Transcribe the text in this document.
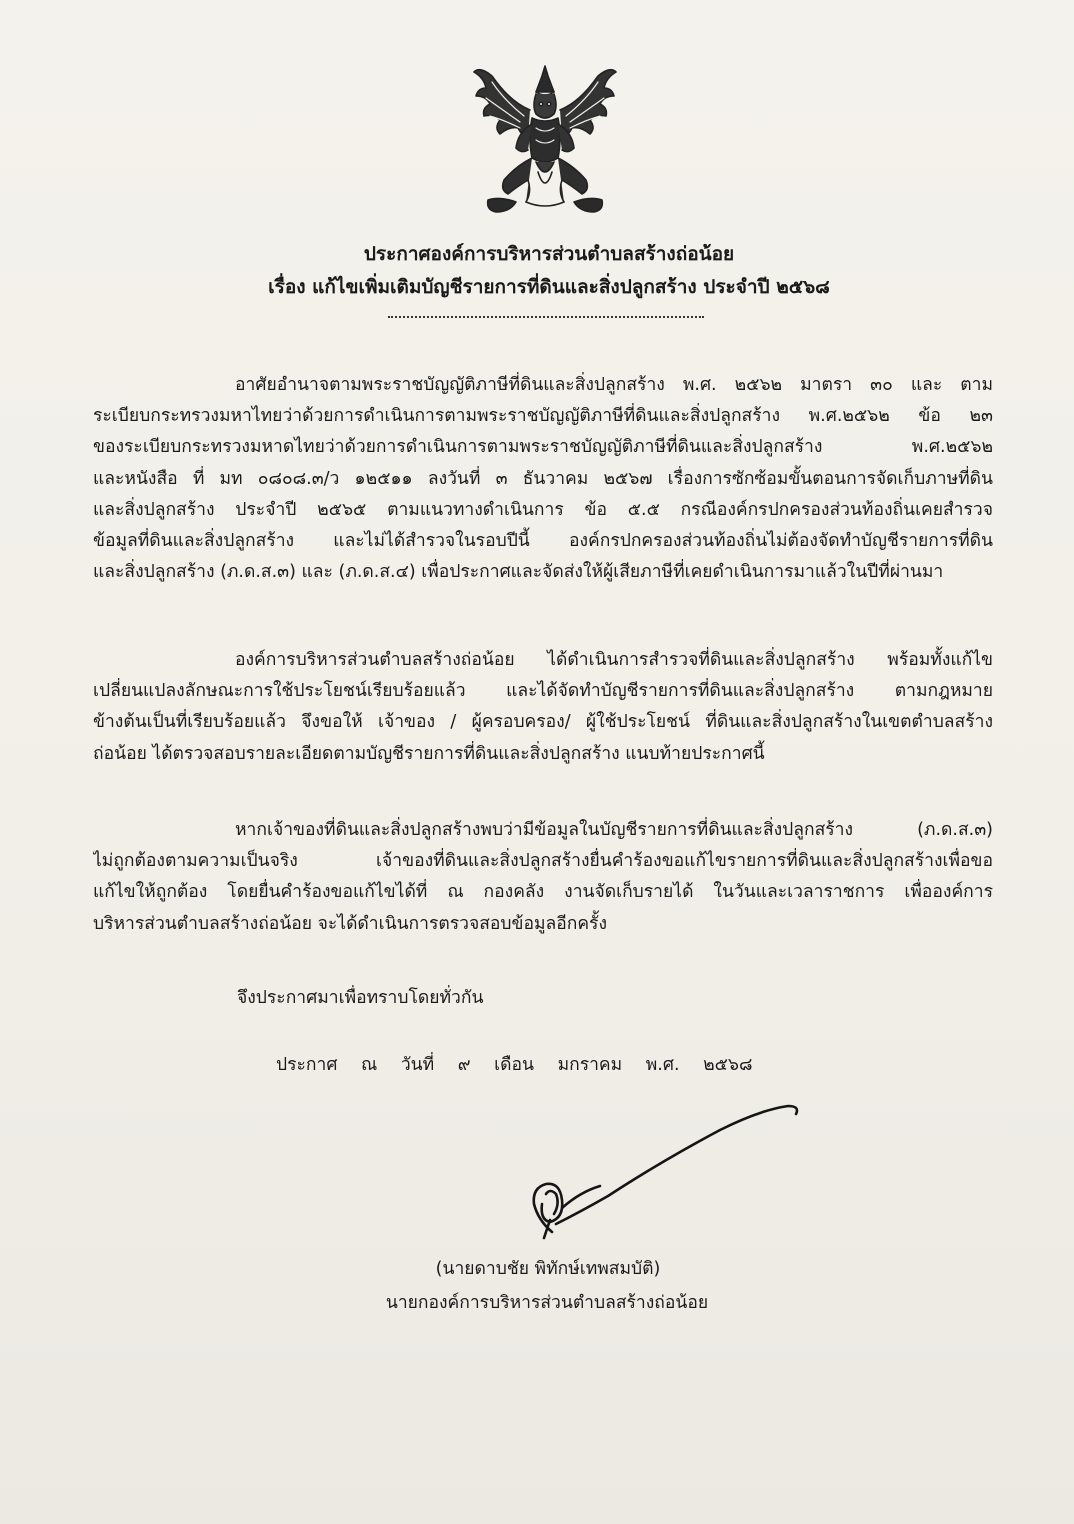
ประกาศองค์การบริหารส่วนตำบลสร้างถ่อน้อย
เรื่อง แก้ไขเพิ่มเติมบัญชีรายการที่ดินและสิ่งปลูกสร้าง ประจำปี ๒๕๖๘
อาศัยอำนาจตามพระราชบัญญัติภาษีที่ดินและสิ่งปลูกสร้าง พ.ศ. ๒๕๖๒ มาตรา ๓๐ และ ตาม
ระเบียบกระทรวงมหาไทยว่าด้วยการดำเนินการตามพระราชบัญญัติภาษีที่ดินและสิ่งปลูกสร้าง พ.ศ.๒๕๖๒ ข้อ ๒๓
ของระเบียบกระทรวงมหาดไทยว่าด้วยการดำเนินการตามพระราชบัญญัติภาษีที่ดินและสิ่งปลูกสร้าง พ.ศ.๒๕๖๒
และหนังสือ ที่ มท ๐๘๐๘.๓/ว ๑๒๕๑๑ ลงวันที่ ๓ ธันวาคม ๒๕๖๗ เรื่องการซักซ้อมขั้นตอนการจัดเก็บภาษที่ดิน
และสิ่งปลูกสร้าง ประจำปี ๒๕๖๕ ตามแนวทางดำเนินการ ข้อ ๕.๕ กรณีองค์กรปกครองส่วนท้องถิ่นเคยสำรวจ
ข้อมูลที่ดินและสิ่งปลูกสร้าง และไม่ได้สำรวจในรอบปีนี้ องค์กรปกครองส่วนท้องถิ่นไม่ต้องจัดทำบัญชีรายการที่ดิน
และสิ่งปลูกสร้าง (ภ.ด.ส.๓) และ (ภ.ด.ส.๔) เพื่อประกาศและจัดส่งให้ผู้เสียภาษีที่เคยดำเนินการมาแล้วในปีที่ผ่านมา
องค์การบริหารส่วนตำบลสร้างถ่อน้อย ได้ดำเนินการสำรวจที่ดินและสิ่งปลูกสร้าง พร้อมทั้งแก้ไข
เปลี่ยนแปลงลักษณะการใช้ประโยชน์เรียบร้อยแล้ว และได้จัดทำบัญชีรายการที่ดินและสิ่งปลูกสร้าง ตามกฎหมาย
ข้างต้นเป็นที่เรียบร้อยแล้ว จึงขอให้ เจ้าของ / ผู้ครอบครอง/ ผู้ใช้ประโยชน์ ที่ดินและสิ่งปลูกสร้างในเขตตำบลสร้าง
ถ่อน้อย ได้ตรวจสอบรายละเอียดตามบัญชีรายการที่ดินและสิ่งปลูกสร้าง แนบท้ายประกาศนี้
หากเจ้าของที่ดินและสิ่งปลูกสร้างพบว่ามีข้อมูลในบัญชีรายการที่ดินและสิ่งปลูกสร้าง (ภ.ด.ส.๓)
ไม่ถูกต้องตามความเป็นจริง เจ้าของที่ดินและสิ่งปลูกสร้างยื่นคำร้องขอแก้ไขรายการที่ดินและสิ่งปลูกสร้างเพื่อขอ
แก้ไขให้ถูกต้อง โดยยื่นคำร้องขอแก้ไขได้ที่ ณ กองคลัง งานจัดเก็บรายได้ ในวันและเวลาราชการ เพื่อองค์การ
บริหารส่วนตำบลสร้างถ่อน้อย จะได้ดำเนินการตรวจสอบข้อมูลอีกครั้ง
จึงประกาศมาเพื่อทราบโดยทั่วกัน
ประกาศ ณ วันที่ ๙ เดือน มกราคม พ.ศ. ๒๕๖๘
(นายดาบชัย พิทักษ์เทพสมบัติ)
นายกองค์การบริหารส่วนตำบลสร้างถ่อน้อย
